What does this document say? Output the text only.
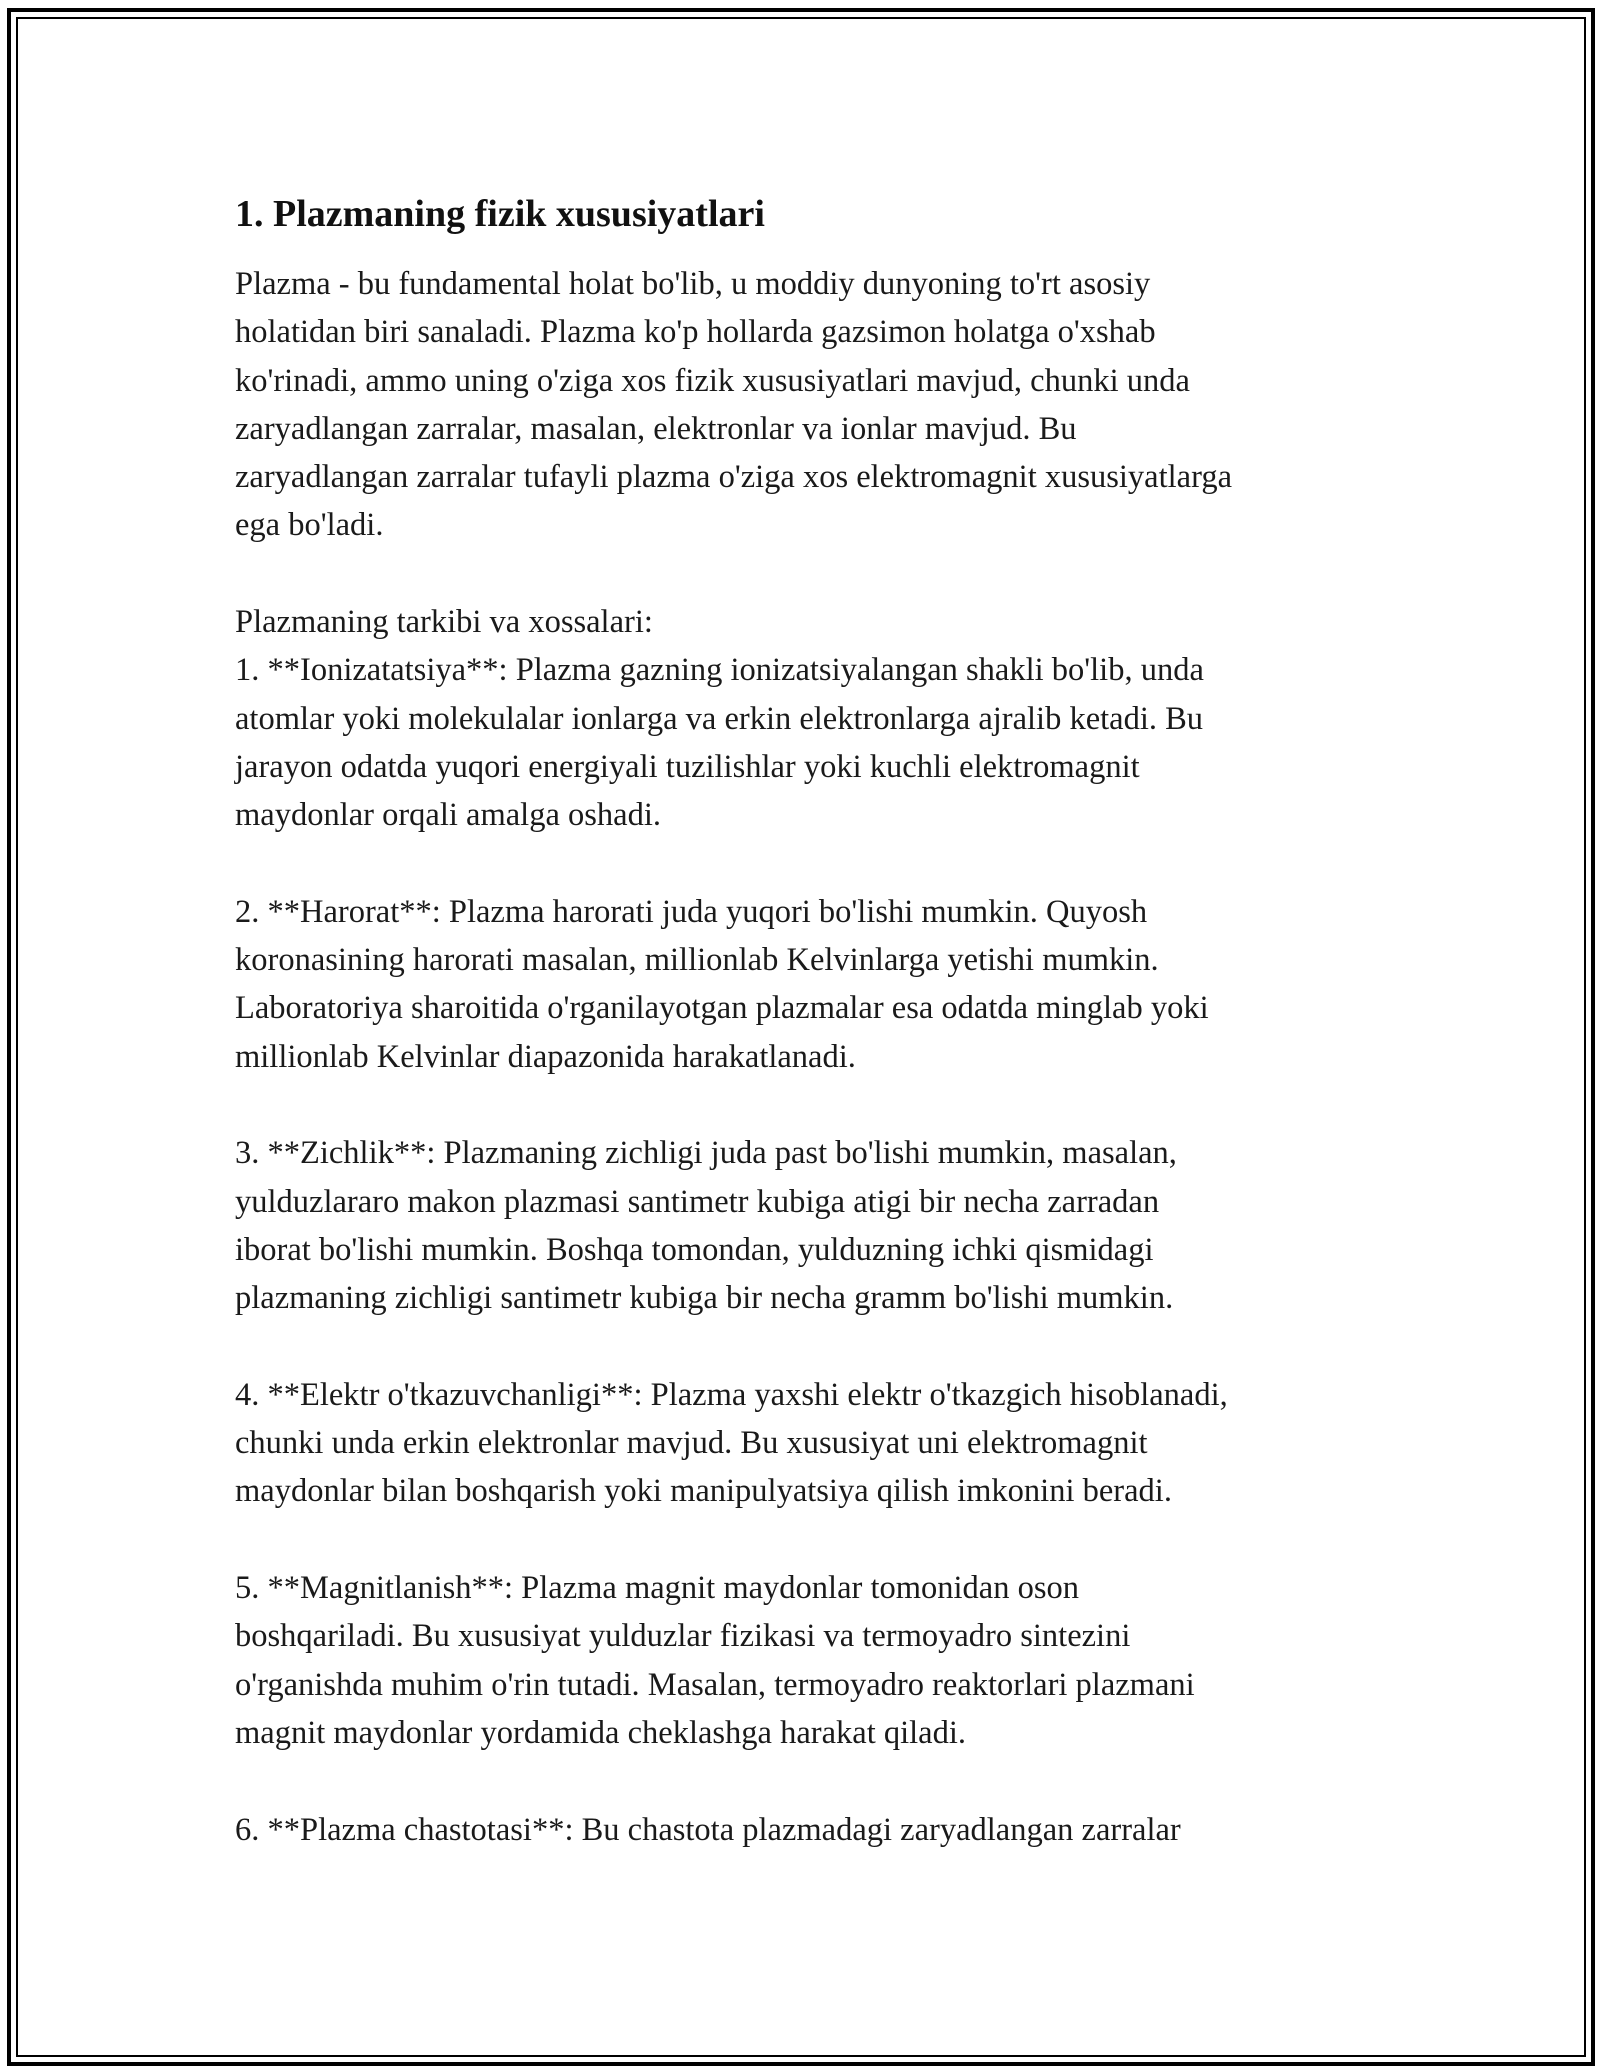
1. Plazmaning fizik xususiyatlari
Plazma - bu fundamental holat bo'lib, u moddiy dunyoning to'rt asosiy
holatidan biri sanaladi. Plazma ko'p hollarda gazsimon holatga o'xshab
ko'rinadi, ammo uning o'ziga xos fizik xususiyatlari mavjud, chunki unda
zaryadlangan zarralar, masalan, elektronlar va ionlar mavjud. Bu
zaryadlangan zarralar tufayli plazma o'ziga xos elektromagnit xususiyatlarga
ega bo'ladi.
Plazmaning tarkibi va xossalari:
1. **Ionizatatsiya**: Plazma gazning ionizatsiyalangan shakli bo'lib, unda
atomlar yoki molekulalar ionlarga va erkin elektronlarga ajralib ketadi. Bu
jarayon odatda yuqori energiyali tuzilishlar yoki kuchli elektromagnit
maydonlar orqali amalga oshadi.
2. **Harorat**: Plazma harorati juda yuqori bo'lishi mumkin. Quyosh
koronasining harorati masalan, millionlab Kelvinlarga yetishi mumkin.
Laboratoriya sharoitida o'rganilayotgan plazmalar esa odatda minglab yoki
millionlab Kelvinlar diapazonida harakatlanadi.
3. **Zichlik**: Plazmaning zichligi juda past bo'lishi mumkin, masalan,
yulduzlararo makon plazmasi santimetr kubiga atigi bir necha zarradan
iborat bo'lishi mumkin. Boshqa tomondan, yulduzning ichki qismidagi
plazmaning zichligi santimetr kubiga bir necha gramm bo'lishi mumkin.
4. **Elektr o'tkazuvchanligi**: Plazma yaxshi elektr o'tkazgich hisoblanadi,
chunki unda erkin elektronlar mavjud. Bu xususiyat uni elektromagnit
maydonlar bilan boshqarish yoki manipulyatsiya qilish imkonini beradi.
5. **Magnitlanish**: Plazma magnit maydonlar tomonidan oson
boshqariladi. Bu xususiyat yulduzlar fizikasi va termoyadro sintezini
o'rganishda muhim o'rin tutadi. Masalan, termoyadro reaktorlari plazmani
magnit maydonlar yordamida cheklashga harakat qiladi.
6. **Plazma chastotasi**: Bu chastota plazmadagi zaryadlangan zarralar
